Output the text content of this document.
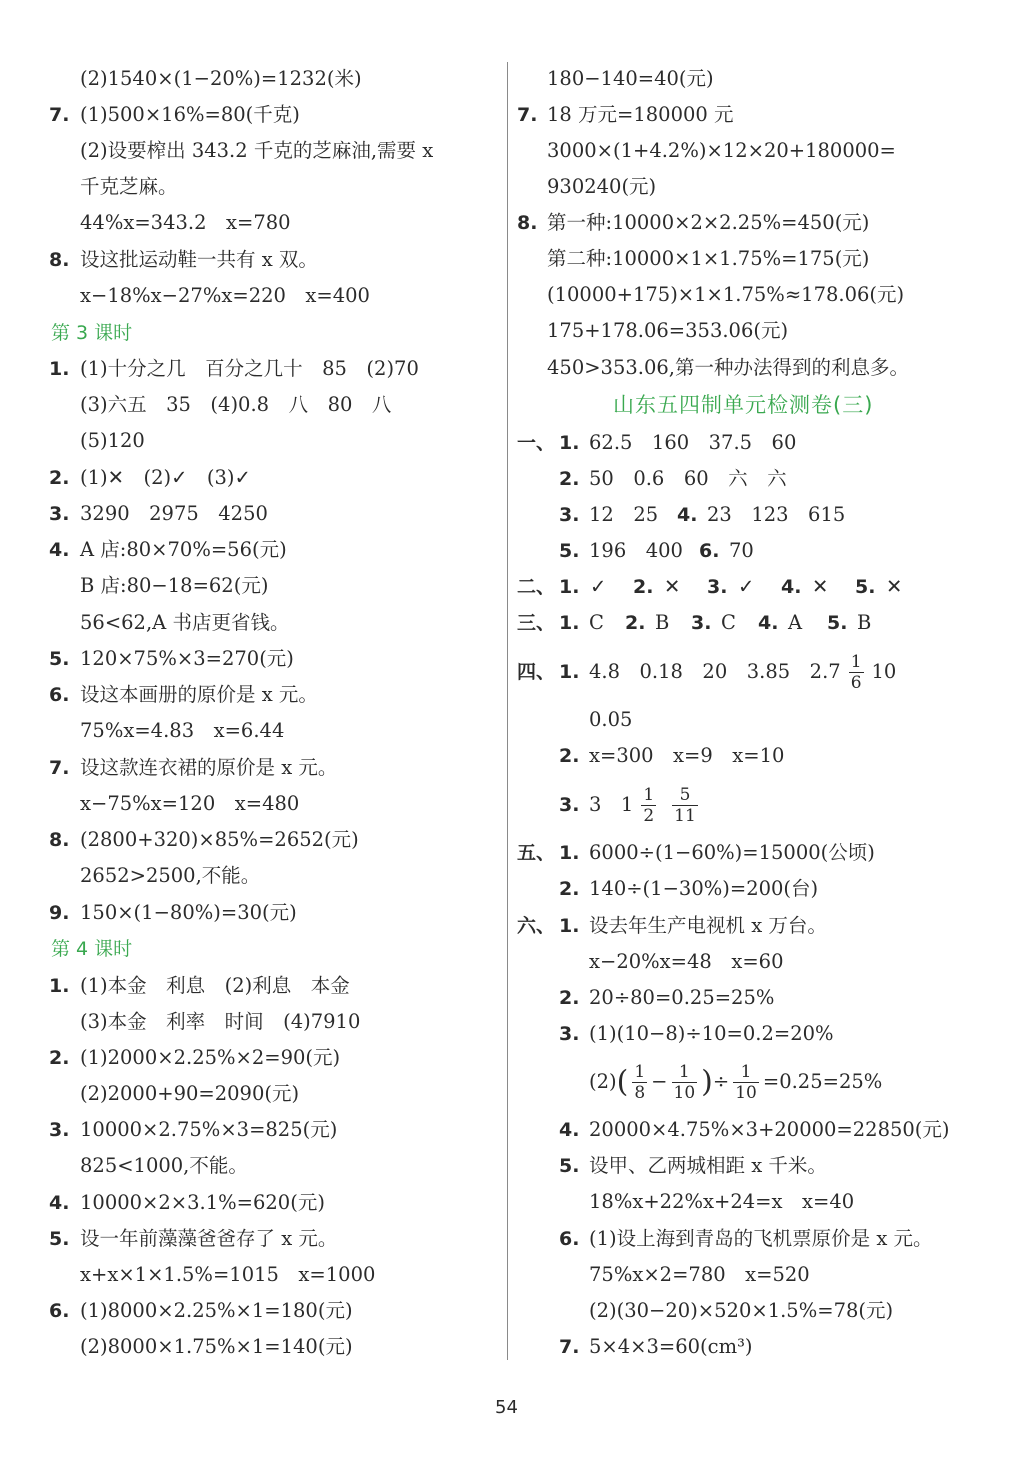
(2)1540×(1−20%)=1232(米)
7. (1)500×16%=80(千克)
(2)设要榨出 343.2 千克的芝麻油,需要 x
千克芝麻。
44%x=343.2　x=780
8. 设这批运动鞋一共有 x 双。
x−18%x−27%x=220　x=400
第 3 课时
1. (1)十分之几　百分之几十　85　(2)70
(3)六五　35　(4)0.8　八　80　八
(5)120
2. (1)✕　(2)✓　(3)✓
3. 3290　2975　4250
4. A 店:80×70%=56(元)
B 店:80−18=62(元)
56<62,A 书店更省钱。
5. 120×75%×3=270(元)
6. 设这本画册的原价是 x 元。
75%x=4.83　x=6.44
7. 设这款连衣裙的原价是 x 元。
x−75%x=120　x=480
8. (2800+320)×85%=2652(元)
2652>2500,不能。
9. 150×(1−80%)=30(元)
第 4 课时
1. (1)本金　利息　(2)利息　本金
(3)本金　利率　时间　(4)7910
2. (1)2000×2.25%×2=90(元)
(2)2000+90=2090(元)
3. 10000×2.75%×3=825(元)
825<1000,不能。
4. 10000×2×3.1%=620(元)
5. 设一年前藻藻爸爸存了 x 元。
x+x×1×1.5%=1015　x=1000
6. (1)8000×2.25%×1=180(元)
(2)8000×1.75%×1=140(元)
180−140=40(元)
7. 18 万元=180000 元
3000×(1+4.2%)×12×20+180000=
930240(元)
8. 第一种:10000×2×2.25%=450(元)
第二种:10000×1×1.75%=175(元)
(10000+175)×1×1.75%≈178.06(元)
175+178.06=353.06(元)
450>353.06,第一种办法得到的利息多。
山东五四制单元检测卷(三)
一、 1. 62.5　160　37.5　60
2. 50　0.6　60　六　六
3. 12　25 4. 23　123　615
5. 196　400 6. 70
二、 1. ✓ 2. ✕ 3. ✓ 4. ✕ 5. ✕
三、 1. C 2. B 3. C 4. A 5. B
四、 1. 4.8　0.18　20　3.85　$2.7 \frac{1}{6} 10$
0.05
2. x=300　x=9　x=10
3. 3　$1 \frac{1}{2} \frac{5}{11}$
五、 1. 6000÷(1−60%)=15000(公顷)
2. 140÷(1−30%)=200(台)
六、 1. 设去年生产电视机 x 万台。
x−20%x=48　x=60
2. 20÷80=0.25=25%
3. (1)(10−8)÷10=0.2=20%
$(2)( \frac{1}{8} - \frac{1}{10}$ )÷ $\frac{1}{10} =0.25=25\%$
4. 20000×4.75%×3+20000=22850(元)
5. 设甲、乙两城相距 x 千米。
18%x+22%x+24=x　x=40
6. (1)设上海到青岛的飞机票原价是 x 元。
75%x×2=780　x=520
(2)(30−20)×520×1.5%=78(元)
7. 5×4×3=60(cm³)
54
